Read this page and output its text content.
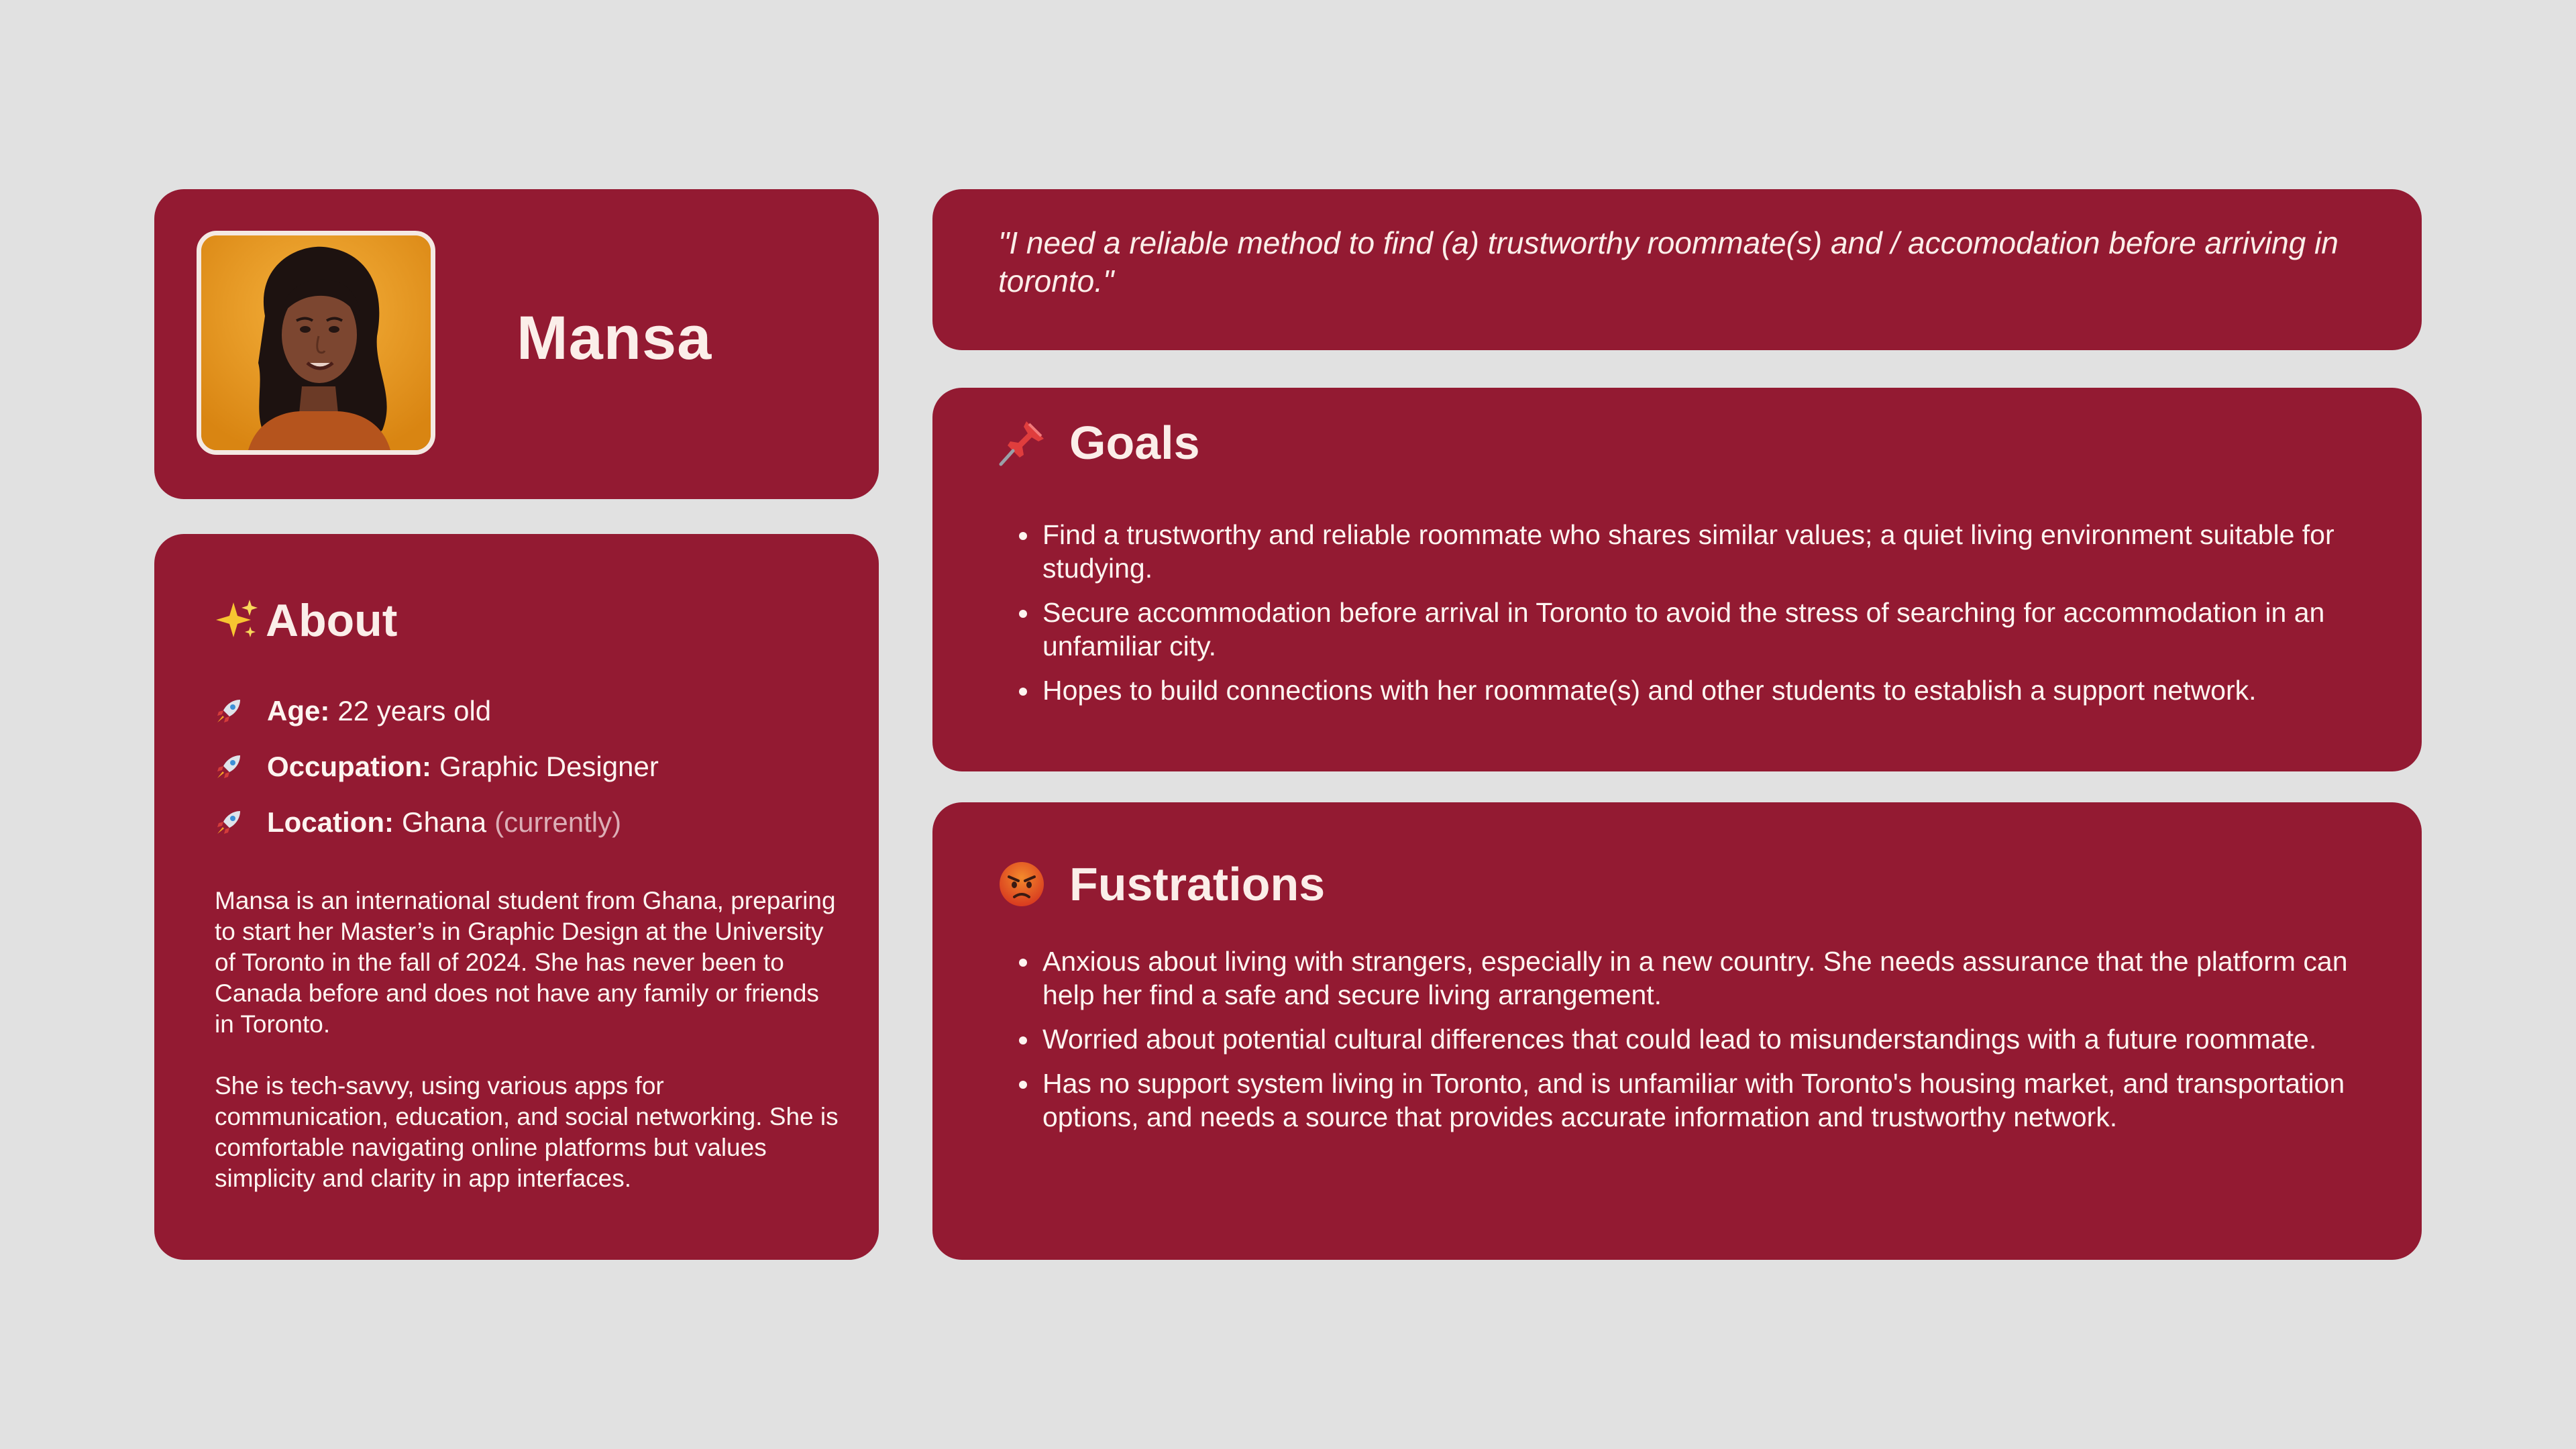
Mansa
About
Age: 22 years old
Occupation: Graphic Designer
Location: Ghana (currently)

Mansa is an international student from Ghana, preparing to start her Master’s in Graphic Design at the University of Toronto in the fall of 2024. She has never been to Canada before and does not have any family or friends in Toronto.

She is tech-savvy, using various apps for communication, education, and social networking. She is comfortable navigating online platforms but values simplicity and clarity in app interfaces.

"I need a reliable method to find (a) trustworthy roommate(s) and / accomodation before arriving in toronto."
Goals
• Find a trustworthy and reliable roommate who shares similar values; a quiet living environment suitable for studying.
• Secure accommodation before arrival in Toronto to avoid the stress of searching for accommodation in an unfamiliar city.
• Hopes to build connections with her roommate(s) and other students to establish a support network.
Fustrations
• Anxious about living with strangers, especially in a new country. She needs assurance that the platform can help her find a safe and secure living arrangement.
• Worried about potential cultural differences that could lead to misunderstandings with a future roommate.
• Has no support system living in Toronto, and is unfamiliar with Toronto's housing market, and transportation options, and needs a source that provides accurate information and trustworthy network.
